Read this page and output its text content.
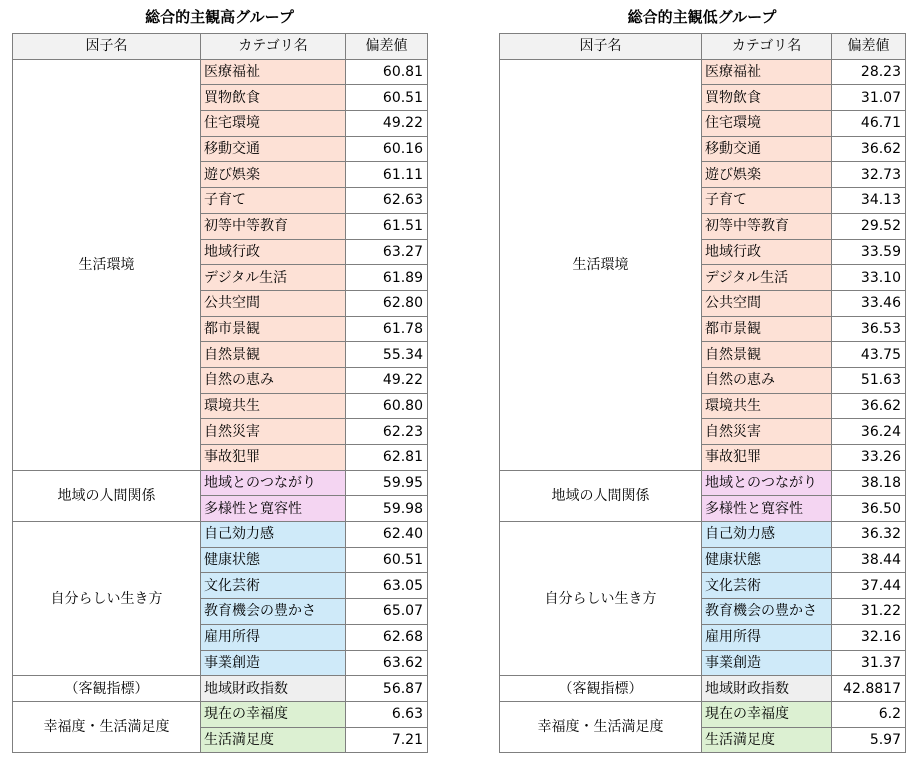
総合的主観高グループ
因子名	カテゴリ名	偏差値
生活環境	医療福祉	60.81
	買物飲食	60.51
	住宅環境	49.22
	移動交通	60.16
	遊び娯楽	61.11
	子育て	62.63
	初等中等教育	61.51
	地域行政	63.27
	デジタル生活	61.89
	公共空間	62.80
	都市景観	61.78
	自然景観	55.34
	自然の恵み	49.22
	環境共生	60.80
	自然災害	62.23
	事故犯罪	62.81
地域の人間関係	地域とのつながり	59.95
	多様性と寛容性	59.98
自分らしい生き方	自己効力感	62.40
	健康状態	60.51
	文化芸術	63.05
	教育機会の豊かさ	65.07
	雇用所得	62.68
	事業創造	63.62
（客観指標）	地域財政指数	56.87
幸福度・生活満足度	現在の幸福度	6.63
	生活満足度	7.21
総合的主観低グループ
因子名	カテゴリ名	偏差値
生活環境	医療福祉	28.23
	買物飲食	31.07
	住宅環境	46.71
	移動交通	36.62
	遊び娯楽	32.73
	子育て	34.13
	初等中等教育	29.52
	地域行政	33.59
	デジタル生活	33.10
	公共空間	33.46
	都市景観	36.53
	自然景観	43.75
	自然の恵み	51.63
	環境共生	36.62
	自然災害	36.24
	事故犯罪	33.26
地域の人間関係	地域とのつながり	38.18
	多様性と寛容性	36.50
自分らしい生き方	自己効力感	36.32
	健康状態	38.44
	文化芸術	37.44
	教育機会の豊かさ	31.22
	雇用所得	32.16
	事業創造	31.37
（客観指標）	地域財政指数	42.8817
幸福度・生活満足度	現在の幸福度	6.2
	生活満足度	5.97
